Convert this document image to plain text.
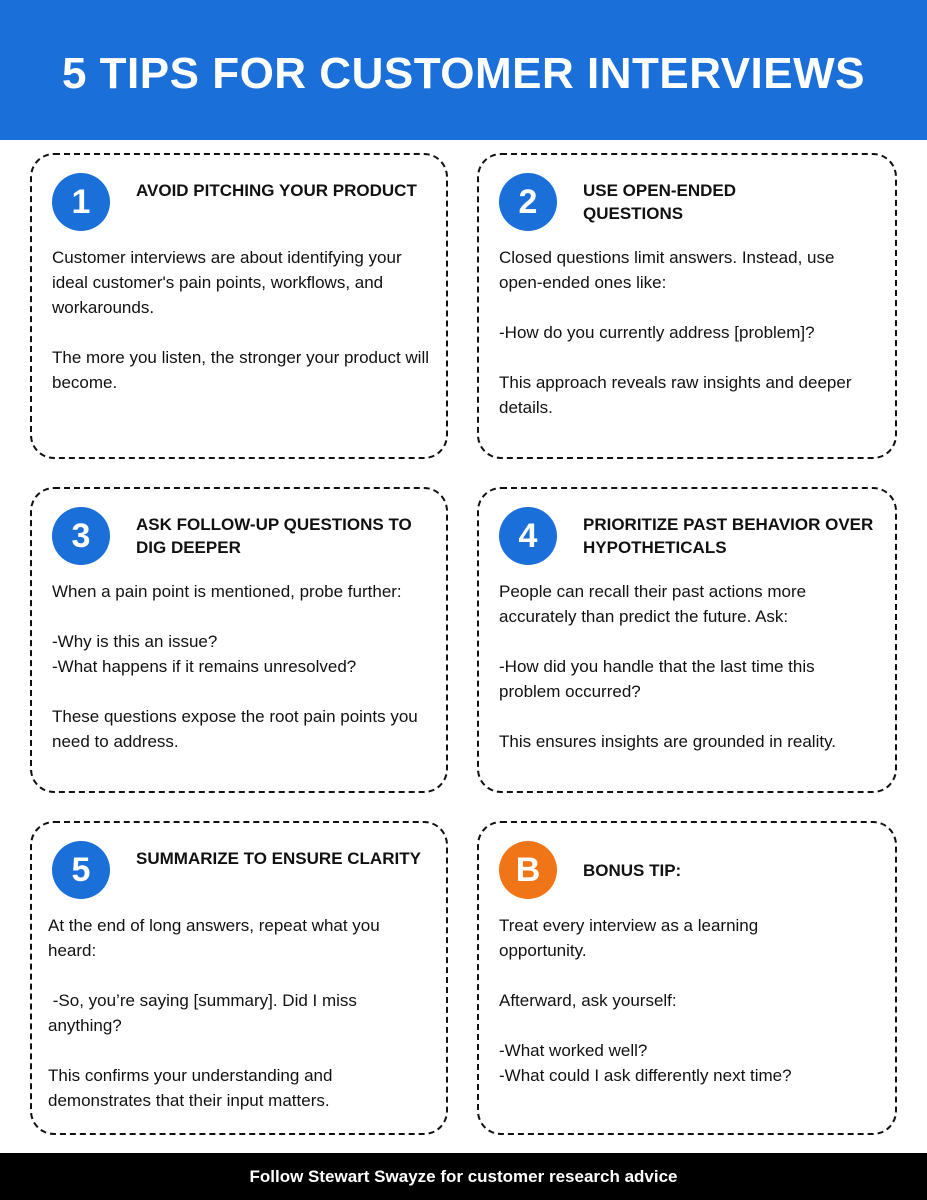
5 TIPS FOR CUSTOMER INTERVIEWS
1	AVOID PITCHING YOUR PRODUCT

Customer interviews are about identifying your ideal customer's pain points, workflows, and workarounds.

The more you listen, the stronger your product will become.

2	USE OPEN-ENDED QUESTIONS

Closed questions limit answers. Instead, use open-ended ones like:

-How do you currently address [problem]?

This approach reveals raw insights and deeper details.

3	ASK FOLLOW-UP QUESTIONS TO DIG DEEPER

When a pain point is mentioned, probe further:

-Why is this an issue?
-What happens if it remains unresolved?

These questions expose the root pain points you need to address.

4	PRIORITIZE PAST BEHAVIOR OVER HYPOTHETICALS

People can recall their past actions more accurately than predict the future. Ask:

-How did you handle that the last time this problem occurred?

This ensures insights are grounded in reality.

5	SUMMARIZE TO ENSURE CLARITY

At the end of long answers, repeat what you heard:

-So, you’re saying [summary]. Did I miss anything?

This confirms your understanding and demonstrates that their input matters.

B	BONUS TIP:

Treat every interview as a learning opportunity.

Afterward, ask yourself:

-What worked well?
-What could I ask differently next time?

Follow Stewart Swayze for customer research advice
